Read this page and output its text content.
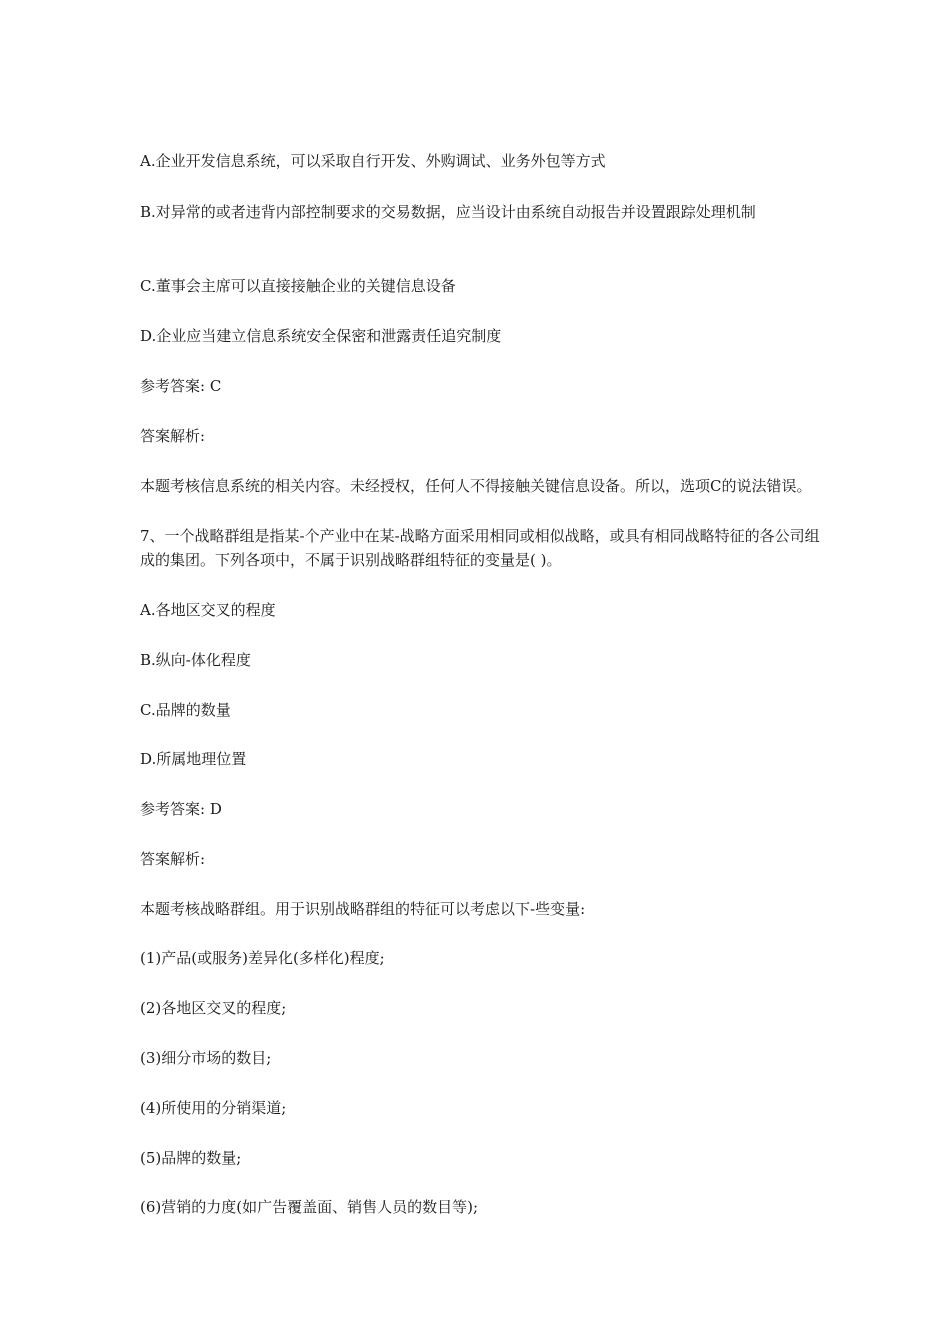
A.企业开发信息系统，可以采取自行开发、外购调试、业务外包等方式

B.对异常的或者违背内部控制要求的交易数据，应当设计由系统自动报告并设置跟踪处理机制

C.董事会主席可以直接接触企业的关键信息设备

D.企业应当建立信息系统安全保密和泄露责任追究制度

参考答案: C

答案解析:

本题考核信息系统的相关内容。未经授权，任何人不得接触关键信息设备。所以，选项C的说法错误。

7、一个战略群组是指某-个产业中在某-战略方面采用相同或相似战略，或具有相同战略特征的各公司组成的集团。下列各项中，不属于识别战略群组特征的变量是( )。

A.各地区交叉的程度

B.纵向-体化程度

C.品牌的数量

D.所属地理位置

参考答案: D

答案解析:

本题考核战略群组。用于识别战略群组的特征可以考虑以下-些变量:

(1)产品(或服务)差异化(多样化)程度;

(2)各地区交叉的程度;

(3)细分市场的数目;

(4)所使用的分销渠道;

(5)品牌的数量;

(6)营销的力度(如广告覆盖面、销售人员的数目等);
